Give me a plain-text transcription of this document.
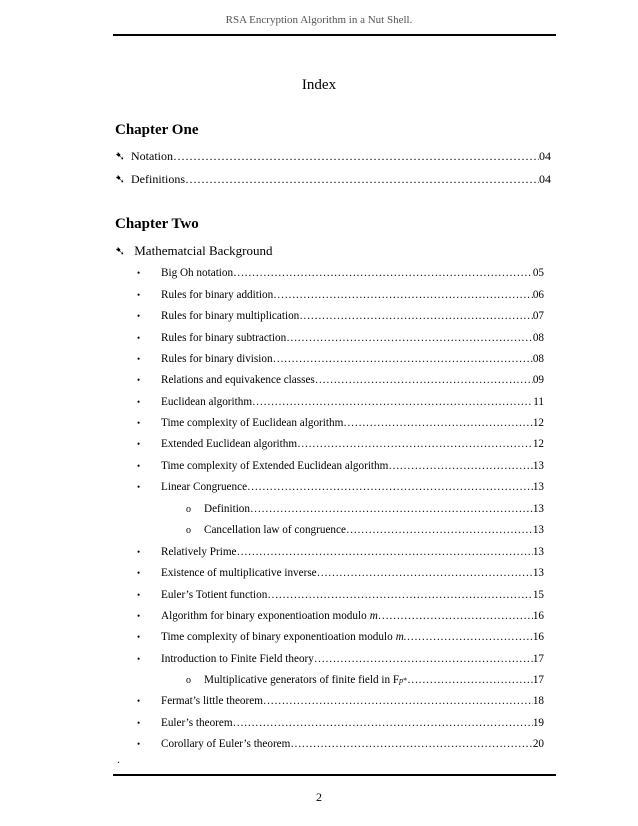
RSA Encryption Algorithm in a Nut Shell.
Index
Chapter One
➷ Notation …………………………………………………………………………………………………………………………………………	04
➷ Definitions …………………………………………………………………………………………………………………………………………	04
Chapter Two
➷ Mathematcial Background
•	Big Oh notation …………………………………………………………………………………………………………………………………………………………	05
•	Rules for binary addition …………………………………………………………………………………………………………………………………………………………	06
•	Rules for binary multiplication …………………………………………………………………………………………………………………………………………………………	07
•	Rules for binary subtraction …………………………………………………………………………………………………………………………………………………………	08
•	Rules for binary division …………………………………………………………………………………………………………………………………………………………	08
•	Relations and equivakence classes …………………………………………………………………………………………………………………………………………………………	09
•	Euclidean algorithm …………………………………………………………………………………………………………………………………………………………	11
•	Time complexity of Euclidean algorithm …………………………………………………………………………………………………………………………………………………………	12
•	Extended Euclidean algorithm …………………………………………………………………………………………………………………………………………………………	12
•	Time complexity of Extended Euclidean algorithm …………………………………………………………………………………………………………………………………………………………	13
•	Linear Congruence …………………………………………………………………………………………………………………………………………………………	13
o	Definition …………………………………………………………………………………………………………………………………………	13
o	Cancellation law of congruence …………………………………………………………………………………………………………………………………………	13
•	Relatively Prime …………………………………………………………………………………………………………………………………………………………	13
•	Existence of multiplicative inverse …………………………………………………………………………………………………………………………………………………………	13
•	Euler’s Totient function …………………………………………………………………………………………………………………………………………………………	15
•	Algorithm for binary exponentioation modulo m …………………………………………………………………………………………………………………………………………………………	16
•	Time complexity of binary exponentioation modulo m. …………………………………………………………………………………………………………………………………………………………	16
•	Introduction to Finite Field theory …………………………………………………………………………………………………………………………………………………………	17
o	Multiplicative generators of finite field in F p * …………………………………………………………………………………………………………………………………………	17
•	Fermat’s little theorem …………………………………………………………………………………………………………………………………………………………	18
•	Euler’s theorem …………………………………………………………………………………………………………………………………………………………	19
•	Corollary of Euler’s theorem …………………………………………………………………………………………………………………………………………………………	20
.
2
